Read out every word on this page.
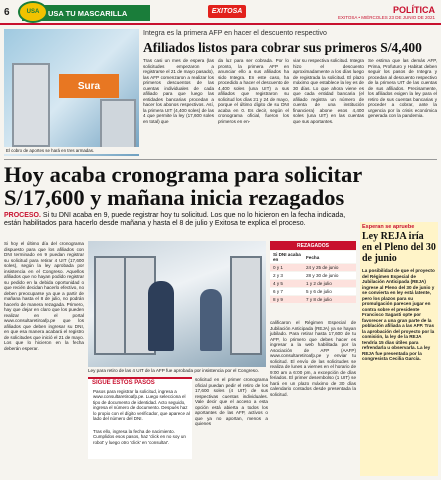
6	USA TU MASCARILLA
USA	EXITOSA	POLÍTICA
EXITOSA • MIÉRCOLES 23 DE JUNIO DE 2021
Sura
El cobro de aportes se hará en tres armadas.
Integra es la primera AFP en hacer el descuento respectivo
Afiliados listos para cobrar sus primeros S/4,400
Tras casi un mes de espera (las solicitudes empezaron a registrarse el 21 de mayo pasado), las AFP comenzaron a realizar los primeros descuentos de las cuentas individuales de cada afiliado para que luego las entidades bancarias procedan a hacer los abonos respectivos. Así, la primera UIT (4,400 soles) de las 4 que permite la ley (17,600 soles en total) que
da luz para ser cobrada. Por lo pronto, la primera AFP en anunciar ello a sus afiliados ha sido Integra. En este caso, ha procedido a hacer el descuento de 4,400 soles (una UIT) a sus afiliados que registraron su solicitud los días 21 y 24 de mayo, porque el último dígito de su DNI acaba en 0. Es decir, según el cronograma oficial, fueron los primeros en en-
viar su respectiva solicitud. Integra hizo el descuento aproximadamente a los días luego de registrada la solicitud. El plazo máximo que establece la ley es de 30 días. Lo que ahora viene es que cada entidad bancaria (el afiliado registra un número de cuenta de una institución financiera) abone esos 4,400 soles (una UIT) en las cuentas que sus aportantes.
Se estima que las demás AFP, Prima, Profuturo y Habitat deben seguir los pasos de Integra y procedan al descuento respectivo de la primera UIT de las cuentas de sus afiliados. Precisamente, los afiliados exigen la ley para el retiro de sus cuentas bancarias y proceder a cobrar, ante la urgencia por la crisis económica generada con la pandemia.
Hoy acaba cronograma para solicitar S/17,600 y mañana inicia rezagados
PROCESO. Si tu DNI acaba en 9, puede registrar hoy tu solicitud. Los que no lo hicieron en la fecha indicada, están habilitados para hacerlo desde mañana y hasta el 8 de julio y Exitosa te explica el proceso.
Si hoy el último día del cronograma dispuesto para que los afiliados con DNI terminado en 9 puedan registrar su solicitud para retirar 4 UIT (17,600 soles), según la ley aprobada por insistencia en el Congreso. Aquellos afiliados que no hayan podido registrar su pedido en la debida oportunidad o que recién decidan hacerlo efectivo, no deben preocuparse ya que a partir de mañana hasta el 8 de julio, no podrán hacerlo de manera rezagada. Primero, hay que dejar en claro que los pueden realizar en el portal www.consultaretiroafp.pe que los afiliados que deben ingresar su DNI, en que esa manera acabará el registro de solicitudes que inició el 21 de mayo. Los que lo hicieron en la fecha deberán esperar.
Ley para retiro de las 4 UIT de la AFP fue aprobada por insistencia por el Congreso.
SIGUE ESTOS PASOS
Pasos para registrar la solicitud, ingresa a www.consultaretiroafp.pe. Luego selecciona el tipo de documento de identidad. Acto seguido, ingresa el número de documento. Después haz lo propio con el dígito verificador, que aparece al lado del número del DNI.
Tras ello, ingresa la fecha de nacimiento. Cumplidos esos pasos, haz 'click en no soy un robot' y luego otro 'click' en 'consultar'.
solicitud en el primer cronograma oficial puedan pedir el retiro de los 17,600 soles (4 UIT) de sus respectivas cuentas individuales. Vale decir que el acceso a esta opción está abierta a todos los aportantes de las AFP, activos o que ya no aportan, menos a quienes
REZAGADOS
Si DNI acaba en	Fecha
0 y 1	24 y 25 de junio
2 y 3	28 y 30 de junio
4 y 5	1 y 2 de julio
6 y 7	5 y 6 de julio
8 y 9	7 y 8 de julio
calificaron el Régimen Especial de Jubilación Anticipada (REJA) ya se hayan jubilado. Para retirar hasta 17,600 de tu AFP, lo primero que debes hacer es ingresar a la web habilitada por la Asociación de AFP (AAFP) www.consultaretiroafp.pe y enviar tu solicitud. El envío de las solicitudes se realiza de lunes a viernes en el horario de 9:00 am a 6:00 pm, a excepción de días feriados. El primer desembolso (1 UIT) se hará en un plazo máximo de 30 días calendario contados desde presentada la solicitud.
Esperan se apruebe
Ley REJA iría en el Pleno del 30 de junio
La posibilidad de que el proyecto del Régimen Especial de Jubilación Anticipada (REJA) ingrese al Pleno del 30 de junio y se convierta en ley está latente, pero los plazos para su promulgación parecen jugar en contra sobre el presidente Francisco Sagasti opte por favorecer a una gran parte de la población afiliada a las AFP. Tras la aprobación del proyecto por la comisión, la ley de la REJA tendría 15 días útiles para refrendarla u observarla. La ley REJA fue presentada por la congresista Cecilia García.
